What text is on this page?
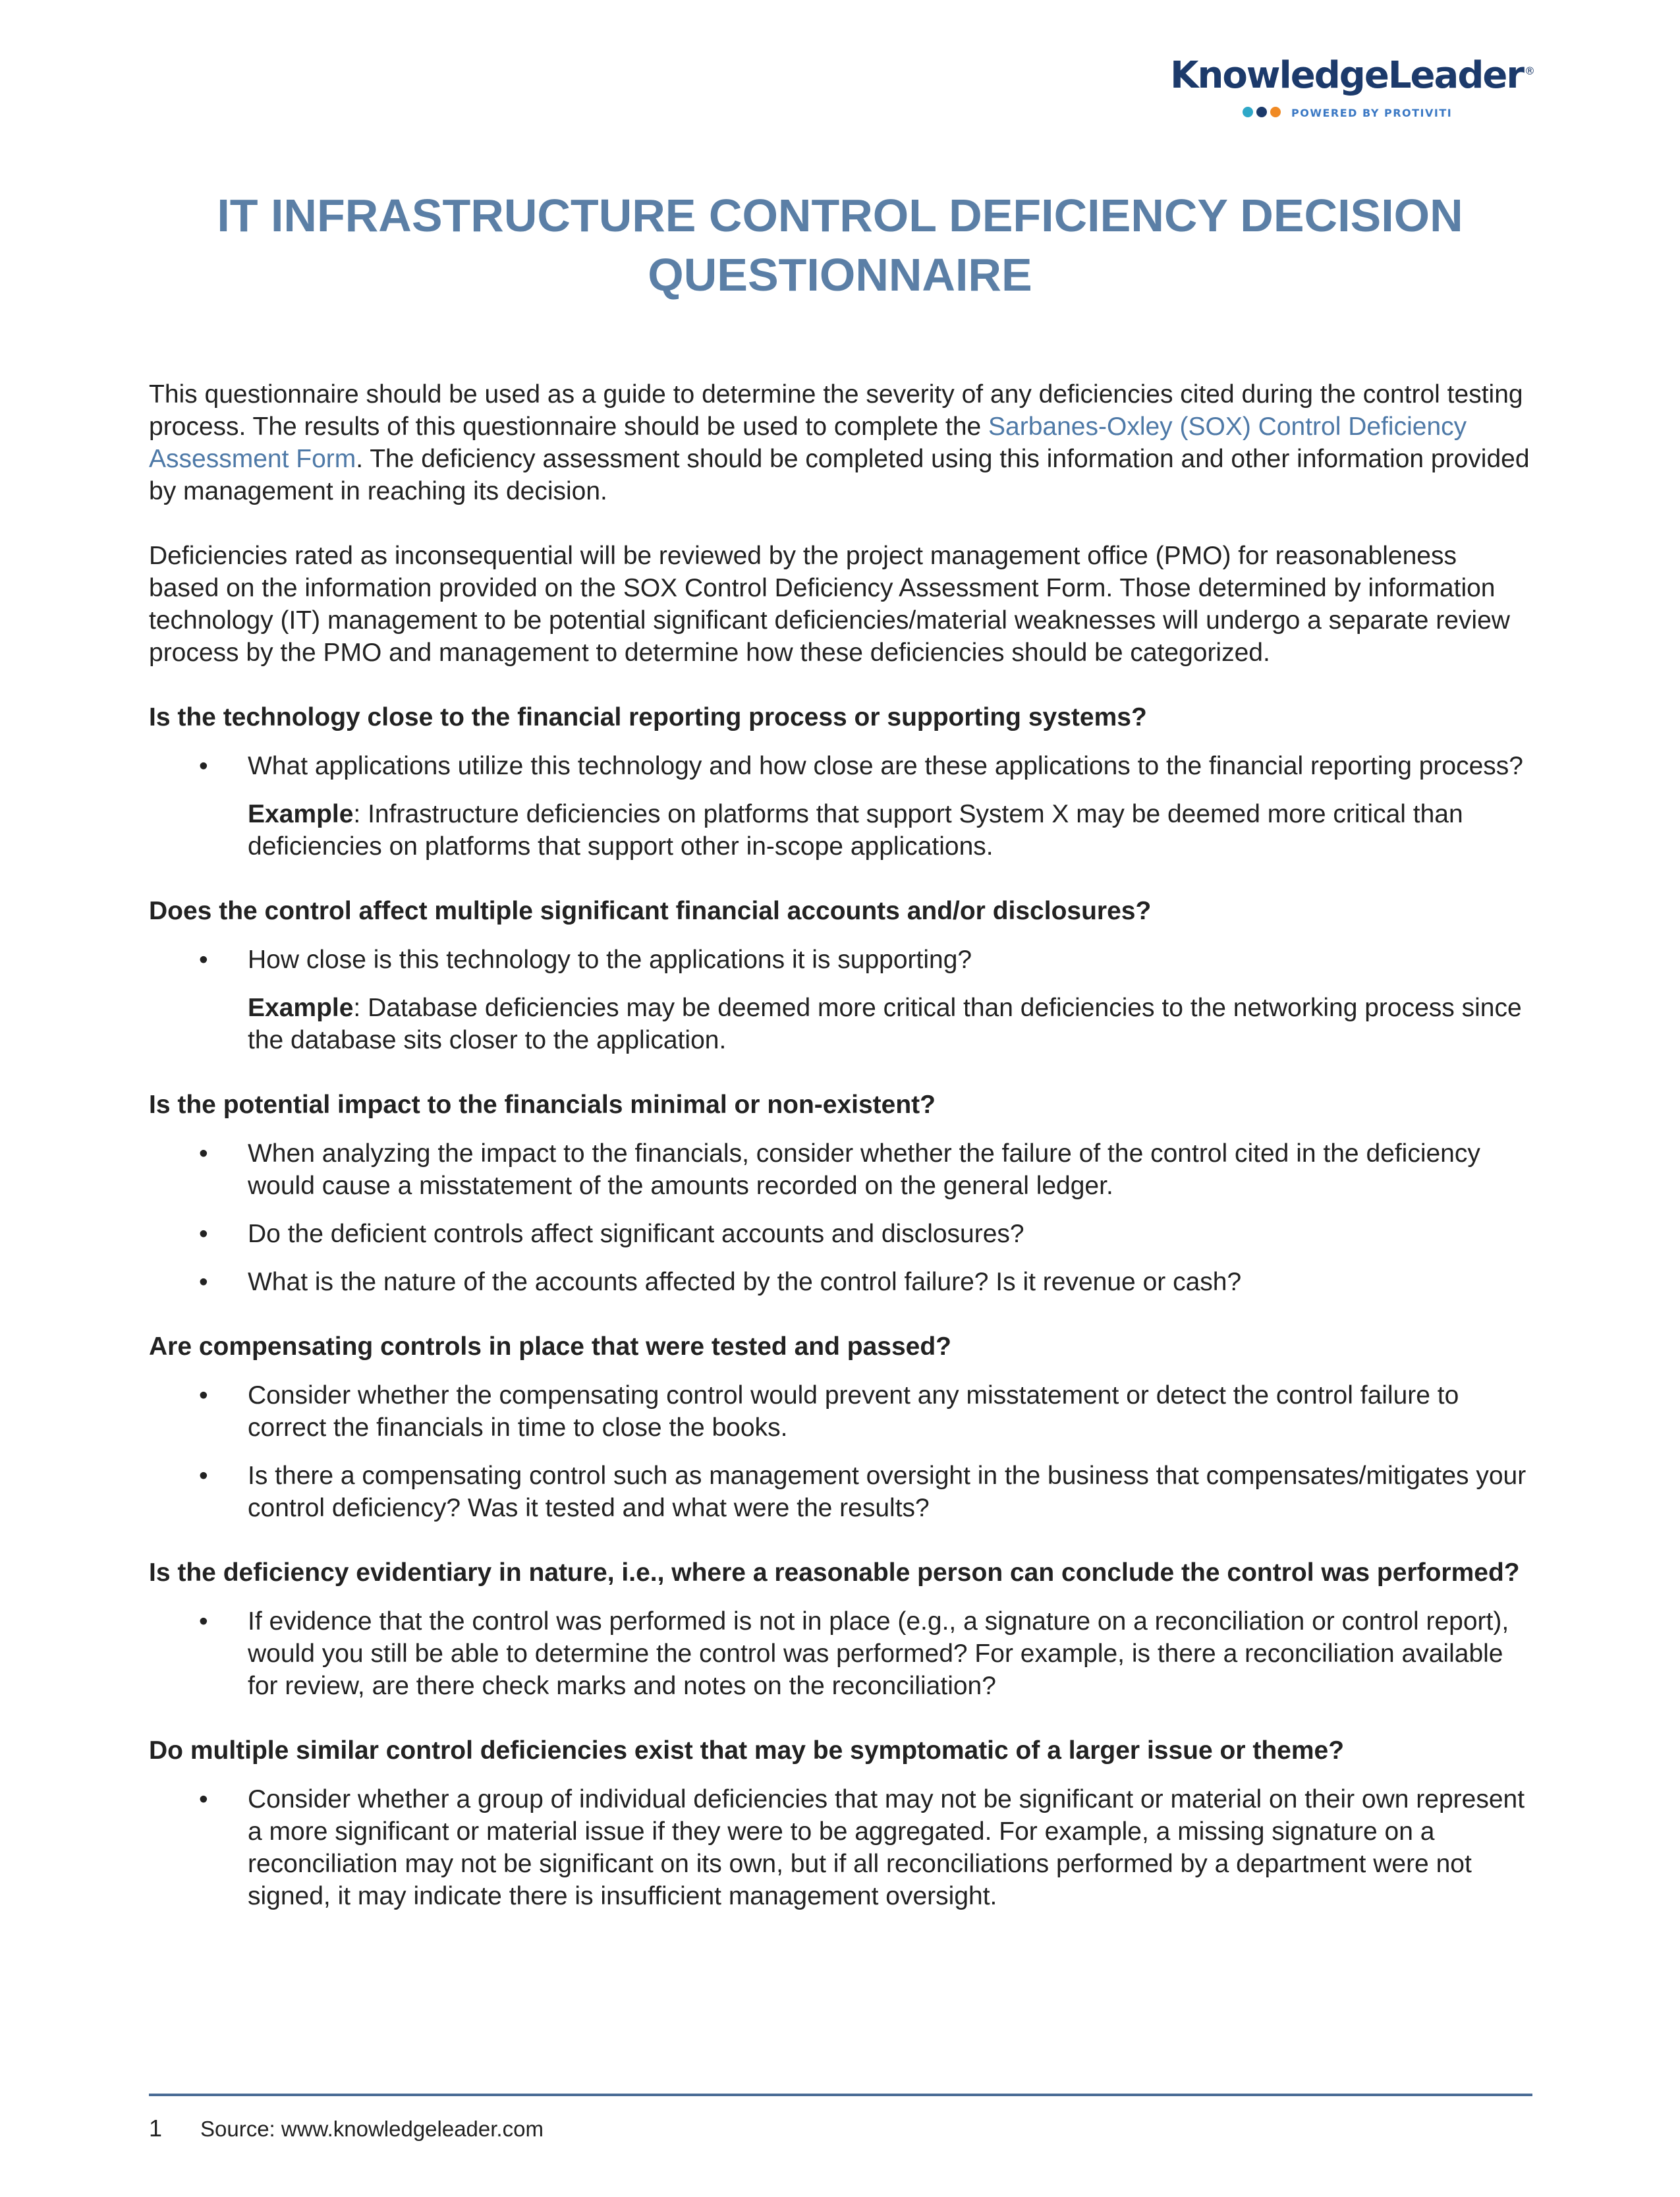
KnowledgeLeader ®
POWERED BY PROTIVITI
IT INFRASTRUCTURE CONTROL DEFICIENCY DECISION
QUESTIONNAIRE

This questionnaire should be used as a guide to determine the severity of any deficiencies cited during the control testing process. The results of this questionnaire should be used to complete the Sarbanes-Oxley (SOX) Control Deficiency Assessment Form. The deficiency assessment should be completed using this information and other information provided by management in reaching its decision.

Deficiencies rated as inconsequential will be reviewed by the project management office (PMO) for reasonableness based on the information provided on the SOX Control Deficiency Assessment Form. Those determined by information technology (IT) management to be potential significant deficiencies/material weaknesses will undergo a separate review process by the PMO and management to determine how these deficiencies should be categorized.

Is the technology close to the financial reporting process or supporting systems?

• What applications utilize this technology and how close are these applications to the financial reporting process?
Example: Infrastructure deficiencies on platforms that support System X may be deemed more critical than deficiencies on platforms that support other in-scope applications.

Does the control affect multiple significant financial accounts and/or disclosures?

• How close is this technology to the applications it is supporting?
Example: Database deficiencies may be deemed more critical than deficiencies to the networking process since the database sits closer to the application.

Is the potential impact to the financials minimal or non-existent?

• When analyzing the impact to the financials, consider whether the failure of the control cited in the deficiency would cause a misstatement of the amounts recorded on the general ledger.
• Do the deficient controls affect significant accounts and disclosures?
• What is the nature of the accounts affected by the control failure? Is it revenue or cash?

Are compensating controls in place that were tested and passed?

• Consider whether the compensating control would prevent any misstatement or detect the control failure to correct the financials in time to close the books.
• Is there a compensating control such as management oversight in the business that compensates/mitigates your control deficiency? Was it tested and what were the results?

Is the deficiency evidentiary in nature, i.e., where a reasonable person can conclude the control was performed?

• If evidence that the control was performed is not in place (e.g., a signature on a reconciliation or control report), would you still be able to determine the control was performed? For example, is there a reconciliation available for review, are there check marks and notes on the reconciliation?

Do multiple similar control deficiencies exist that may be symptomatic of a larger issue or theme?

• Consider whether a group of individual deficiencies that may not be significant or material on their own represent a more significant or material issue if they were to be aggregated. For example, a missing signature on a reconciliation may not be significant on its own, but if all reconciliations performed by a department were not signed, it may indicate there is insufficient management oversight.
1 Source: www.knowledgeleader.com
